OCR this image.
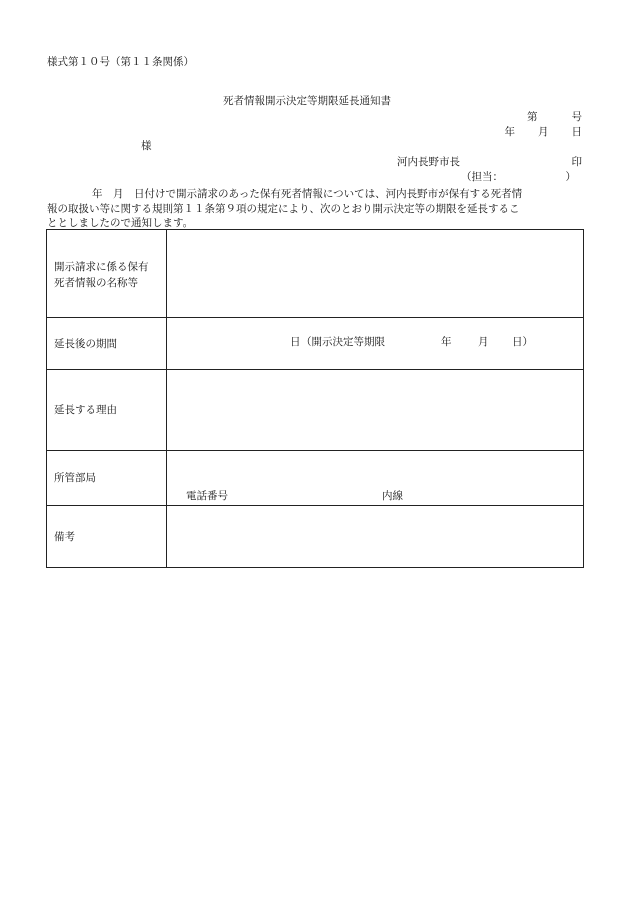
様式第１０号（第１１条関係）
死者情報開示決定等期限延長通知書
第	号
年 月 日
様
河内長野市長	印
（担当：	）
年　月　日付けで開示請求のあった保有死者情報については、河内長野市が保有する死者情
報の取扱い等に関する規則第１１条第９項の規定により、次のとおり開示決定等の期限を延長するこ
ととしましたので通知します。
開示請求に係る保有
死者情報の名称等
延長後の期間	日 （開示決定等期限	年	月 日）
延長する理由
所管部局
電話番号	内線
備考
